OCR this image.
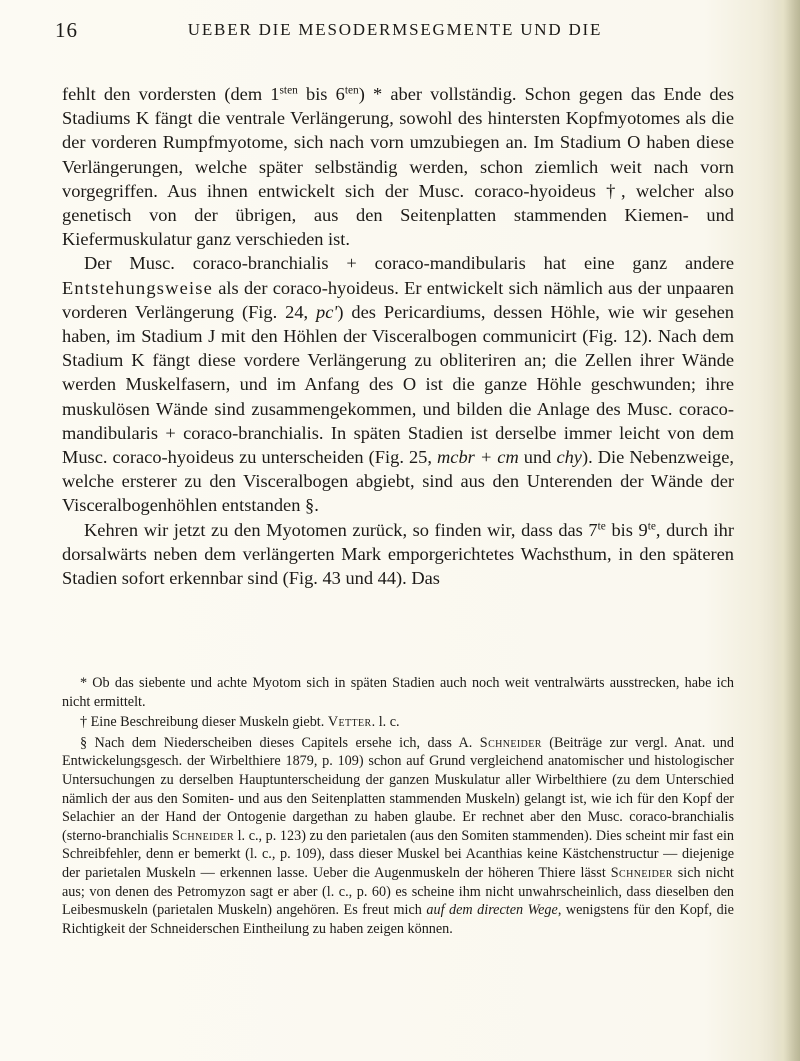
16	UEBER DIE MESODERMSEGMENTE UND DIE

fehlt den vordersten (dem $1^{sten}$ bis $6^{ten}$) * aber vollständig. Schon gegen das Ende des Stadiums K fängt die ventrale Verlängerung, sowohl des hintersten Kopfmyotomes als die der vorderen Rumpfmyotome, sich nach vorn umzubiegen an. Im Stadium O haben diese Verlängerungen, welche später selbständig werden, schon ziemlich weit nach vorn vorgegriffen. Aus ihnen entwickelt sich der Musc. coraco-hyoideus †, welcher also genetisch von der übrigen, aus den Seitenplatten stammenden Kiemen- und Kiefermuskulatur ganz verschieden ist.

Der Musc. coraco-branchialis + coraco-mandibularis hat eine ganz andere Entstehungsweise als der coraco-hyoideus. Er entwickelt sich nämlich aus der unpaaren vorderen Verlängerung (Fig. 24, pc') des Pericardiums, dessen Höhle, wie wir gesehen haben, im Stadium J mit den Höhlen der Visceralbogen communicirt (Fig. 12). Nach dem Stadium K fängt diese vordere Verlängerung zu obliteriren an; die Zellen ihrer Wände werden Muskelfasern, und im Anfang des O ist die ganze Höhle geschwunden; ihre muskulösen Wände sind zusammengekommen, und bilden die Anlage des Musc. coraco-mandibularis + coraco-branchialis. In späten Stadien ist derselbe immer leicht von dem Musc. coraco-hyoideus zu unterscheiden (Fig. 25, mcbr + cm und chy). Die Nebenzweige, welche ersterer zu den Visceralbogen abgiebt, sind aus den Unterenden der Wände der Visceralbogenhöhlen entstanden §.

Kehren wir jetzt zu den Myotomen zurück, so finden wir, dass das $7^{te}$ bis $9^{te}$, durch ihr dorsalwärts neben dem verlängerten Mark emporgerichtetes Wachsthum, in den späteren Stadien sofort erkennbar sind (Fig. 43 und 44). Das

* Ob das siebente und achte Myotom sich in späten Stadien auch noch weit ventralwärts ausstrecken, habe ich nicht ermittelt.

† Eine Beschreibung dieser Muskeln giebt. Vetter. l. c.

§ Nach dem Niederscheiben dieses Capitels ersehe ich, dass A. Schneider (Beiträge zur vergl. Anat. und Entwickelungsgesch. der Wirbelthiere 1879, p. 109) schon auf Grund vergleichend anatomischer und histologischer Untersuchungen zu derselben Hauptunterscheidung der ganzen Muskulatur aller Wirbelthiere (zu dem Unterschied nämlich der aus den Somiten- und aus den Seitenplatten stammenden Muskeln) gelangt ist, wie ich für den Kopf der Selachier an der Hand der Ontogenie dargethan zu haben glaube. Er rechnet aber den Musc. coraco-branchialis (sterno-branchialis Schneider l. c., p. 123) zu den parietalen (aus den Somiten stammenden). Dies scheint mir fast ein Schreibfehler, denn er bemerkt (l. c., p. 109), dass dieser Muskel bei Acanthias keine Kästchenstructur — diejenige der parietalen Muskeln — erkennen lasse. Ueber die Augenmuskeln der höheren Thiere lässt Schneider sich nicht aus; von denen des Petromyzon sagt er aber (l. c., p. 60) es scheine ihm nicht unwahrscheinlich, dass dieselben den Leibesmuskeln (parietalen Muskeln) angehören. Es freut mich auf dem directen Wege, wenigstens für den Kopf, die Richtigkeit der Schneiderschen Eintheilung zu haben zeigen können.
